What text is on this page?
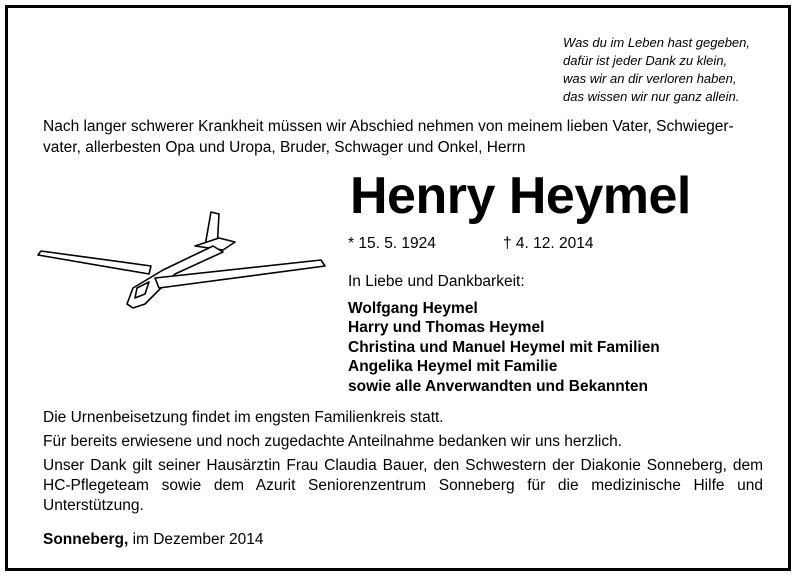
Was du im Leben hast gegeben,
dafür ist jeder Dank zu klein,
was wir an dir verloren haben,
das wissen wir nur ganz allein.
Nach langer schwerer Krankheit müssen wir Abschied nehmen von meinem lieben Vater, Schwieger-
vater, allerbesten Opa und Uropa, Bruder, Schwager und Onkel, Herrn
Henry Heymel
* 15. 5. 1924	† 4. 12. 2014
In Liebe und Dankbarkeit:
Wolfgang Heymel
Harry und Thomas Heymel
Christina und Manuel Heymel mit Familien
Angelika Heymel mit Familie
sowie alle Anverwandten und Bekannten

Die Urnenbeisetzung findet im engsten Familienkreis statt.

Für bereits erwiesene und noch zugedachte Anteilnahme bedanken wir uns herzlich.

Unser Dank gilt seiner Hausärztin Frau Claudia Bauer, den Schwestern der Diakonie Sonneberg, dem HC-Pflegeteam sowie dem Azurit Seniorenzentrum Sonneberg für die medizinische Hilfe und Unterstützung.

Sonneberg, im Dezember 2014
